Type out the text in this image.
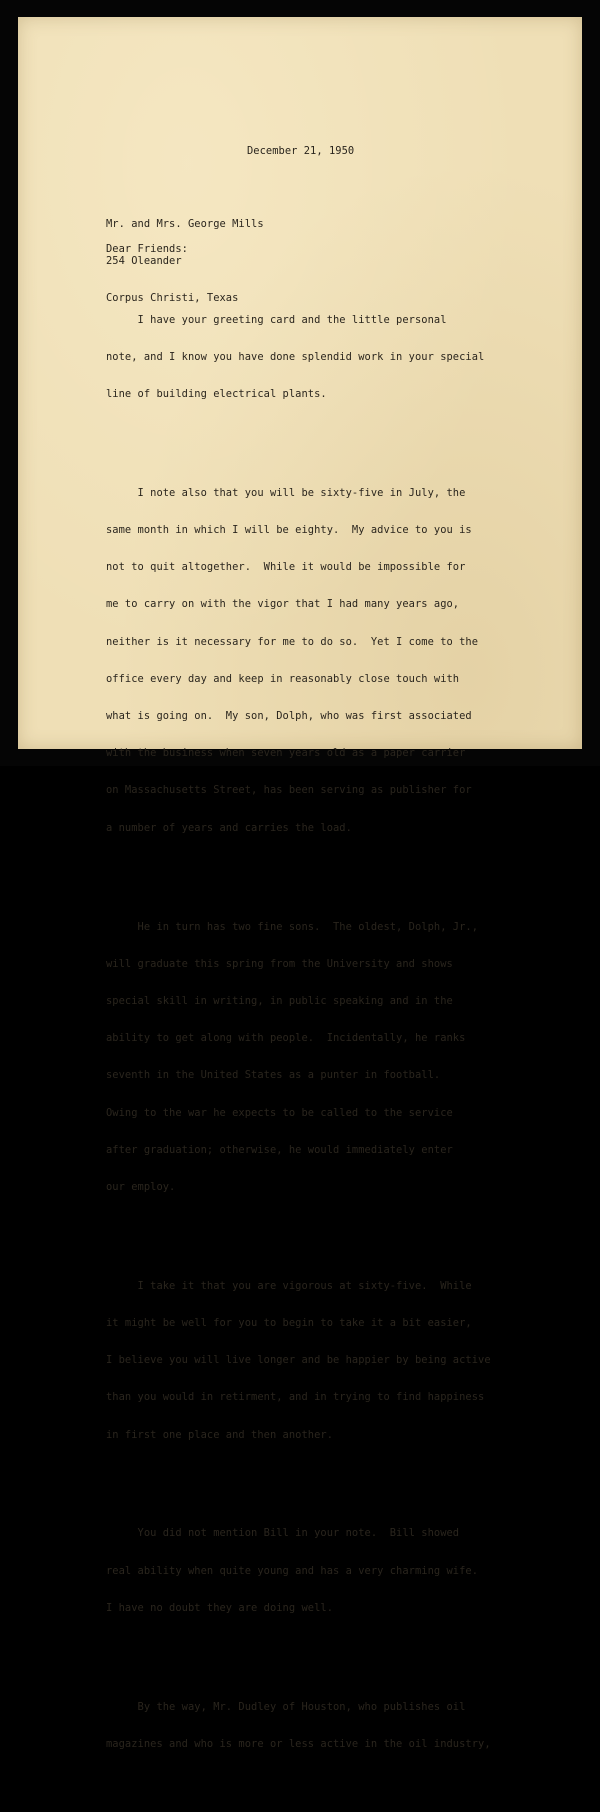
December 21, 1950

Mr. and Mrs. George Mills

254 Oleander

Corpus Christi, Texas

Dear Friends:

I have your greeting card and the little personal

note, and I know you have done splendid work in your special

line of building electrical plants.

I note also that you will be sixty-five in July, the

same month in which I will be eighty.  My advice to you is

not to quit altogether.  While it would be impossible for

me to carry on with the vigor that I had many years ago,

neither is it necessary for me to do so.  Yet I come to the

office every day and keep in reasonably close touch with

what is going on.  My son, Dolph, who was first associated

with the business when seven years old as a paper carrier

on Massachusetts Street, has been serving as publisher for

a number of years and carries the load.

He in turn has two fine sons.  The oldest, Dolph, Jr.,

will graduate this spring from the University and shows

special skill in writing, in public speaking and in the

ability to get along with people.  Incidentally, he ranks

seventh in the United States as a punter in football.

Owing to the war he expects to be called to the service

after graduation; otherwise, he would immediately enter

our employ.

I take it that you are vigorous at sixty-five.  While

it might be well for you to begin to take it a bit easier,

I believe you will live longer and be happier by being active

than you would in retirment, and in trying to find happiness

in first one place and then another.

You did not mention Bill in your note.  Bill showed

real ability when quite young and has a very charming wife.

I have no doubt they are doing well.

By the way, Mr. Dudley of Houston, who publishes oil

magazines and who is more or less active in the oil industry,
